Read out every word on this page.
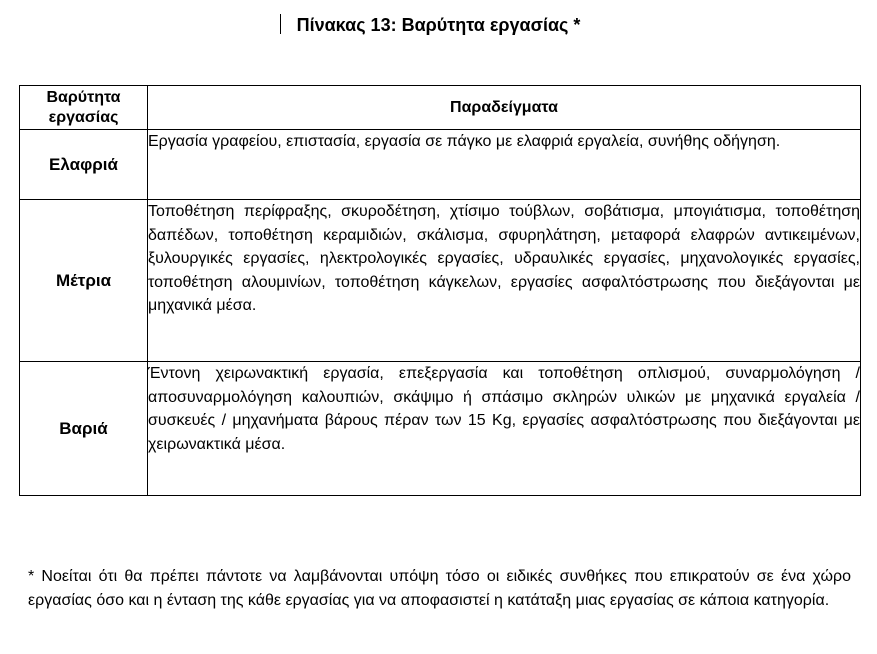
Πίνακας 13: Βαρύτητα εργασίας *
Βαρύτητα εργασίας	Παραδείγματα
Ελαφριά	Εργασία γραφείου, επιστασία, εργασία σε πάγκο με ελαφριά εργαλεία, συνήθης οδήγηση.
Μέτρια	Τοποθέτηση περίφραξης, σκυροδέτηση, χτίσιμο τούβλων, σοβάτισμα, μπογιάτισμα, τοποθέτηση δαπέδων, τοποθέτηση κεραμιδιών, σκάλισμα, σφυρηλάτηση, μεταφορά ελαφρών αντικειμένων, ξυλουργικές εργασίες, ηλεκτρολογικές εργασίες, υδραυλικές εργασίες, μηχανολογικές εργασίες, τοποθέτηση αλουμινίων, τοποθέτηση κάγκελων, εργασίες ασφαλτόστρωσης που διεξάγονται με μηχανικά μέσα.
Βαριά	Έντονη χειρωνακτική εργασία, επεξεργασία και τοποθέτηση οπλισμού, συναρμολόγηση / αποσυναρμολόγηση καλουπιών, σκάψιμο ή σπάσιμο σκληρών υλικών με μηχανικά εργαλεία / συσκευές / μηχανήματα βάρους πέραν των 15 Kg, εργασίες ασφαλτόστρωσης που διεξάγονται με χειρωνακτικά μέσα.
* Νοείται ότι θα πρέπει πάντοτε να λαμβάνονται υπόψη τόσο οι ειδικές συνθήκες που επικρατούν σε ένα χώρο εργασίας όσο και η ένταση της κάθε εργασίας για να αποφασιστεί η κατάταξη μιας εργασίας σε κάποια κατηγορία.
